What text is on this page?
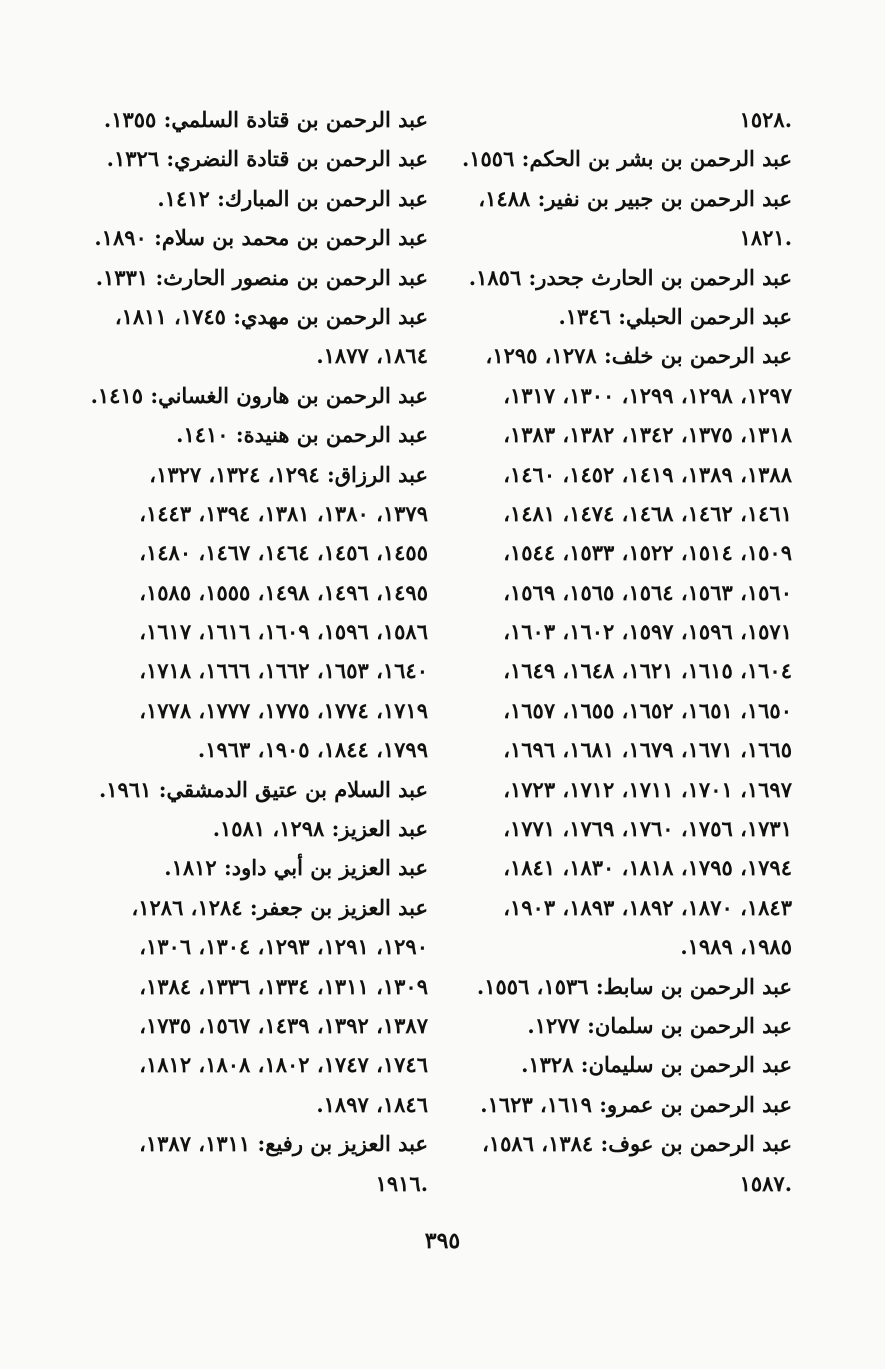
.١٥٢٨
عبد الرحمن بن بشر بن الحكم: ١٥٥٦.
عبد الرحمن بن جبير بن نفير: ١٤٨٨،
.١٨٢١
عبد الرحمن بن الحارث جحدر: ١٨٥٦.
عبد الرحمن الحبلي: ١٣٤٦.
عبد الرحمن بن خلف: ١٢٧٨، ١٢٩٥،
١٢٩٧، ١٢٩٨، ١٢٩٩، ١٣٠٠، ١٣١٧،
١٣١٨، ١٣٧٥، ١٣٤٢، ١٣٨٢، ١٣٨٣،
١٣٨٨، ١٣٨٩، ١٤١٩، ١٤٥٢، ١٤٦٠،
١٤٦١، ١٤٦٢، ١٤٦٨، ١٤٧٤، ١٤٨١،
١٥٠٩، ١٥١٤، ١٥٢٢، ١٥٣٣، ١٥٤٤،
١٥٦٠، ١٥٦٣، ١٥٦٤، ١٥٦٥، ١٥٦٩،
١٥٧١، ١٥٩٦، ١٥٩٧، ١٦٠٢، ١٦٠٣،
١٦٠٤، ١٦١٥، ١٦٢١، ١٦٤٨، ١٦٤٩،
١٦٥٠، ١٦٥١، ١٦٥٢، ١٦٥٥، ١٦٥٧،
١٦٦٥، ١٦٧١، ١٦٧٩، ١٦٨١، ١٦٩٦،
١٦٩٧، ١٧٠١، ١٧١١، ١٧١٢، ١٧٢٣،
١٧٣١، ١٧٥٦، ١٧٦٠، ١٧٦٩، ١٧٧١،
١٧٩٤، ١٧٩٥، ١٨١٨، ١٨٣٠، ١٨٤١،
١٨٤٣، ١٨٧٠، ١٨٩٢، ١٨٩٣، ١٩٠٣،
١٩٨٥، ١٩٨٩.
عبد الرحمن بن سابط: ١٥٣٦، ١٥٥٦.
عبد الرحمن بن سلمان: ١٢٧٧.
عبد الرحمن بن سليمان: ١٣٢٨.
عبد الرحمن بن عمرو: ١٦١٩، ١٦٢٣.
عبد الرحمن بن عوف: ١٣٨٤، ١٥٨٦،
.١٥٨٧
عبد الرحمن بن قتادة السلمي: ١٣٥٥.
عبد الرحمن بن قتادة النضري: ١٣٢٦.
عبد الرحمن بن المبارك: ١٤١٢.
عبد الرحمن بن محمد بن سلام: ١٨٩٠.
عبد الرحمن بن منصور الحارث: ١٣٣١.
عبد الرحمن بن مهدي: ١٧٤٥، ١٨١١،
١٨٦٤، ١٨٧٧.
عبد الرحمن بن هارون الغساني: ١٤١٥.
عبد الرحمن بن هنيدة: ١٤١٠.
عبد الرزاق: ١٢٩٤، ١٣٢٤، ١٣٢٧،
١٣٧٩، ١٣٨٠، ١٣٨١، ١٣٩٤، ١٤٤٣،
١٤٥٥، ١٤٥٦، ١٤٦٤، ١٤٦٧، ١٤٨٠،
١٤٩٥، ١٤٩٦، ١٤٩٨، ١٥٥٥، ١٥٨٥،
١٥٨٦، ١٥٩٦، ١٦٠٩، ١٦١٦، ١٦١٧،
١٦٤٠، ١٦٥٣، ١٦٦٢، ١٦٦٦، ١٧١٨،
١٧١٩، ١٧٧٤، ١٧٧٥، ١٧٧٧، ١٧٧٨،
١٧٩٩، ١٨٤٤، ١٩٠٥، ١٩٦٣.
عبد السلام بن عتيق الدمشقي: ١٩٦١.
عبد العزيز: ١٢٩٨، ١٥٨١.
عبد العزيز بن أبي داود: ١٨١٢.
عبد العزيز بن جعفر: ١٢٨٤، ١٢٨٦،
١٢٩٠، ١٢٩١، ١٢٩٣، ١٣٠٤، ١٣٠٦،
١٣٠٩، ١٣١١، ١٣٣٤، ١٣٣٦، ١٣٨٤،
١٣٨٧، ١٣٩٢، ١٤٣٩، ١٥٦٧، ١٧٣٥،
١٧٤٦، ١٧٤٧، ١٨٠٢، ١٨٠٨، ١٨١٢،
١٨٤٦، ١٨٩٧.
عبد العزيز بن رفيع: ١٣١١، ١٣٨٧،
.١٩١٦
٣٩٥
